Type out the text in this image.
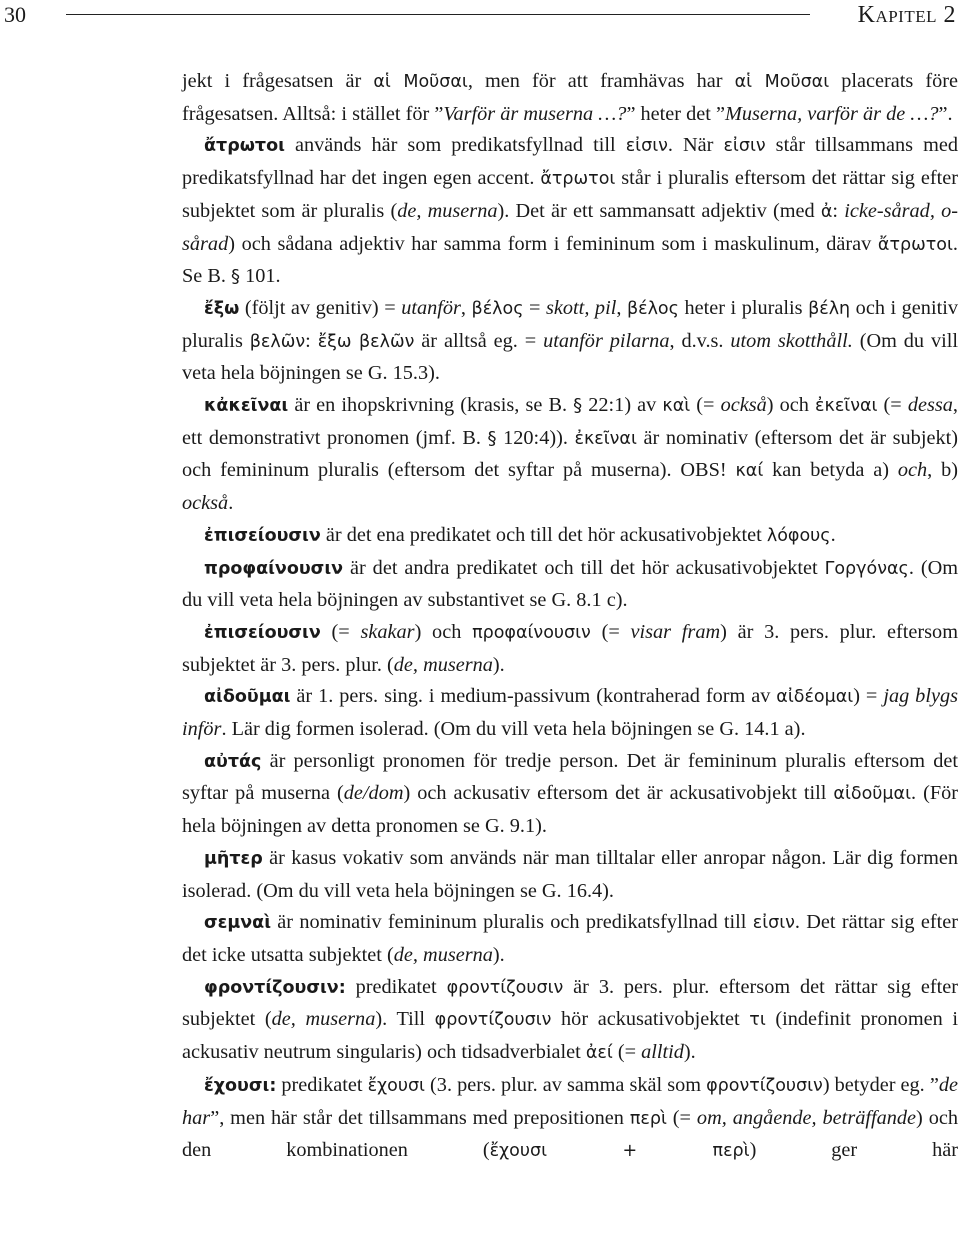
30	Kapitel 2

jekt i frågesatsen är αἱ Μοῦσαι, men för att framhävas har αἱ Μοῦσαι placerats före frågesatsen. Alltså: i stället för ”Varför är muserna …?” heter det ”Muserna, varför är de …?”.

ἄτρωτοι används här som predikatsfyllnad till εἰσιν. När εἰσιν står tillsammans med predikatsfyllnad har det ingen egen accent. ἄτρωτοι står i pluralis eftersom det rättar sig efter subjektet som är pluralis (de, muserna). Det är ett sammansatt adjektiv (med ἀ: icke-sårad, o-sårad) och sådana adjektiv har samma form i femininum som i maskulinum, därav ἄτρωτοι. Se B. § 101.

ἔξω (följt av genitiv) = utanför, βέλος = skott, pil, βέλος heter i pluralis βέλη och i genitiv pluralis βελῶν: ἔξω βελῶν är alltså eg. = utanför pilarna, d.v.s. utom skotthåll. (Om du vill veta hela böjningen se G. 15.3).

κἀκεῖναι är en ihopskrivning (krasis, se B. § 22:1) av καὶ (= också) och ἐκεῖναι (= dessa, ett demonstrativt pronomen (jmf. B. § 120:4)). ἐκεῖναι är nominativ (eftersom det är subjekt) och femininum pluralis (eftersom det syftar på muserna). OBS! καί kan betyda a) och, b) också.

ἐπισείουσιν är det ena predikatet och till det hör ackusativobjektet λόφους.

προφαίνουσιν är det andra predikatet och till det hör ackusativobjektet Γοργόνας. (Om du vill veta hela böjningen av substantivet se G. 8.1 c).

ἐπισείουσιν (= skakar) och προφαίνουσιν (= visar fram) är 3. pers. plur. eftersom subjektet är 3. pers. plur. (de, muserna).

αἰδοῦμαι är 1. pers. sing. i medium-passivum (kontraherad form av αἰδέομαι) = jag blygs inför. Lär dig formen isolerad. (Om du vill veta hela böjningen se G. 14.1 a).

αὐτάς är personligt pronomen för tredje person. Det är femininum pluralis eftersom det syftar på muserna (de/dom) och ackusativ eftersom det är ackusativobjekt till αἰδοῦμαι. (För hela böjningen av detta pronomen se G. 9.1).

μῆτερ är kasus vokativ som används när man tilltalar eller anropar någon. Lär dig formen isolerad. (Om du vill veta hela böjningen se G. 16.4).

σεμναὶ är nominativ femininum pluralis och predikatsfyllnad till εἰσιν. Det rättar sig efter det icke utsatta subjektet (de, muserna).

φροντίζουσιν: predikatet φροντίζουσιν är 3. pers. plur. eftersom det rättar sig efter subjektet (de, muserna). Till φροντίζουσιν hör ackusativobjektet τι (indefinit pronomen i ackusativ neutrum singularis) och tidsadverbialet ἀεί (= alltid).

ἔχουσι: predikatet ἔχουσι (3. pers. plur. av samma skäl som φροντίζουσιν) betyder eg. ”de har”, men här står det tillsammans med prepositionen περὶ (= om, angående, beträffande) och den kombinationen (ἔχουσι + περὶ) ger här
